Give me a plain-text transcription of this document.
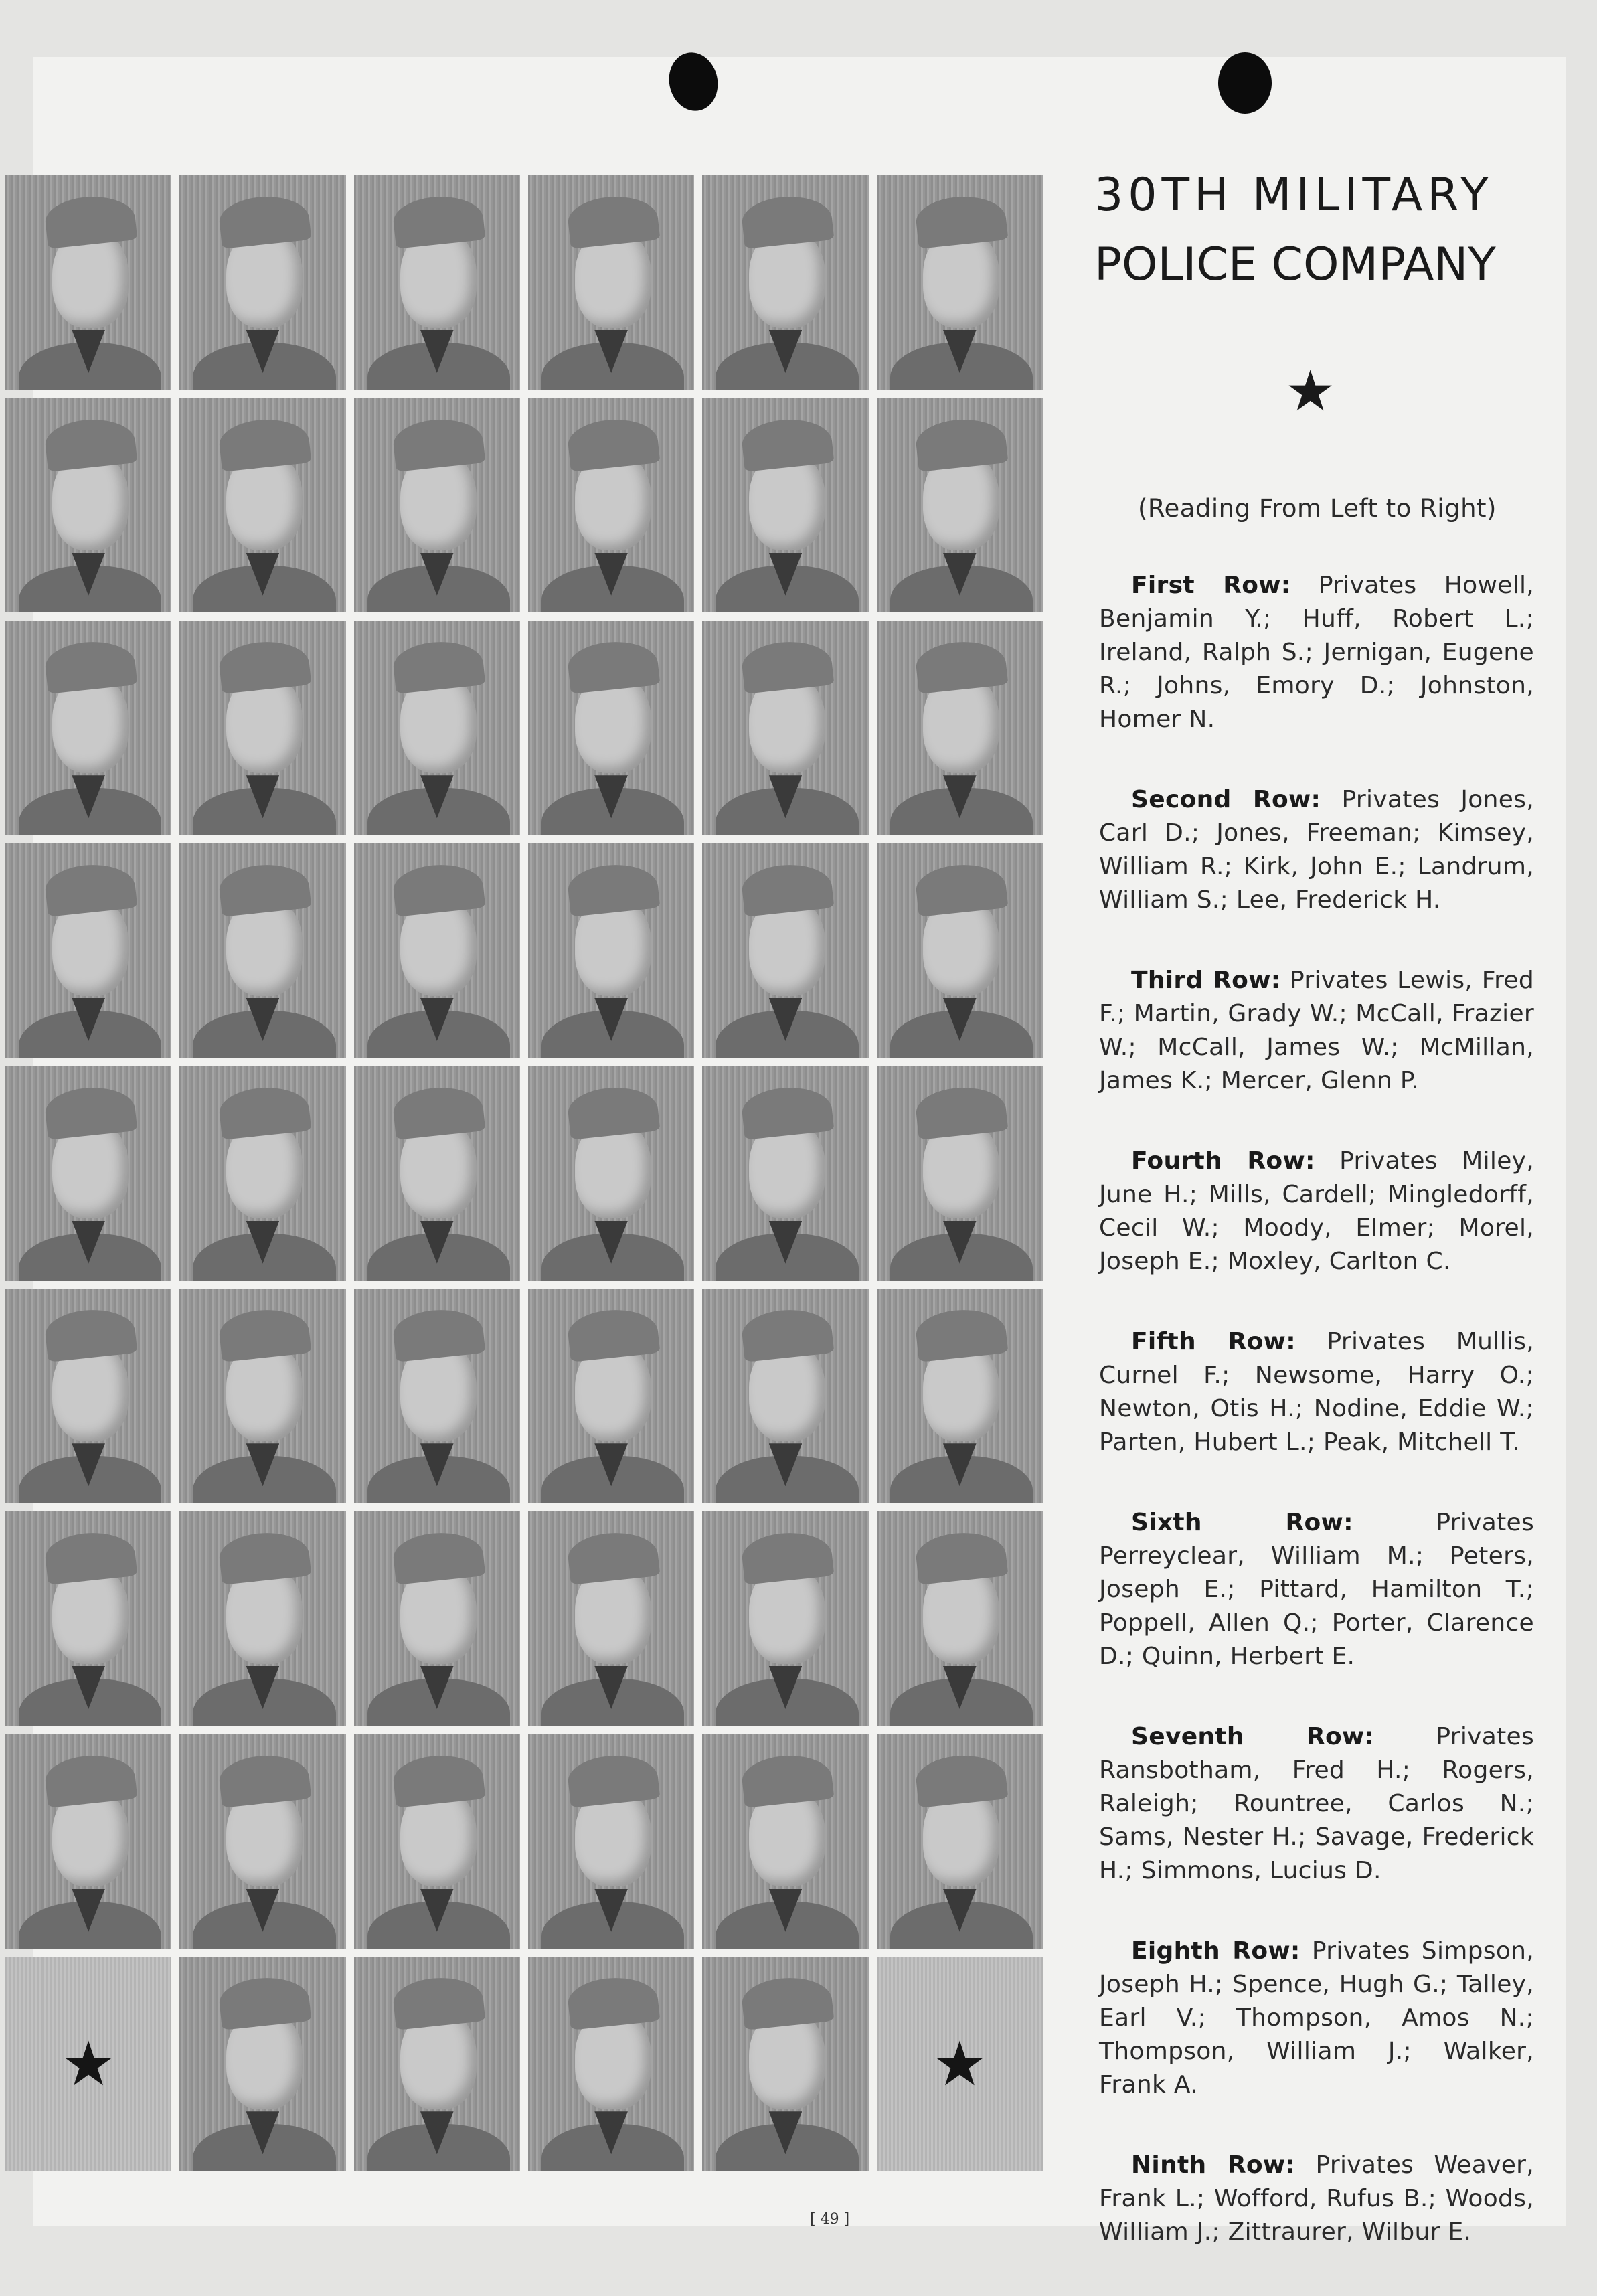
★	★
30TH MILITARY
POLICE COMPANY
★
(Reading From Left to Right)

First Row: Privates Howell, Benjamin Y.; Huff, Robert L.; Ireland, Ralph S.; Jernigan, Eugene R.; Johns, Emory D.; Johnston, Homer N.

Second Row: Privates Jones, Carl D.; Jones, Freeman; Kimsey, William R.; Kirk, John E.; Landrum, William S.; Lee, Frederick H.

Third Row: Privates Lewis, Fred F.; Martin, Grady W.; McCall, Frazier W.; McCall, James W.; McMillan, James K.; Mercer, Glenn P.

Fourth Row: Privates Miley, June H.; Mills, Cardell; Mingledorff, Cecil W.; Moody, Elmer; Morel, Joseph E.; Moxley, Carlton C.

Fifth Row: Privates Mullis, Curnel F.; Newsome, Harry O.; Newton, Otis H.; Nodine, Eddie W.; Parten, Hubert L.; Peak, Mitchell T.

Sixth Row:	Privates Perreyclear, William M.; Peters, Joseph E.; Pittard, Hamilton T.; Poppell, Allen Q.; Porter, Clarence D.; Quinn, Herbert E.

Seventh Row:	Privates Ransbotham, Fred H.; Rogers, Raleigh; Rountree, Carlos N.; Sams, Nester H.; Savage, Frederick H.; Simmons, Lucius D.

Eighth Row: Privates Simpson, Joseph H.; Spence, Hugh G.; Talley, Earl V.; Thompson, Amos N.; Thompson, William J.; Walker, Frank A.

Ninth Row: Privates Weaver, Frank L.; Wofford, Rufus B.; Woods, William J.; Zittraurer, Wilbur E.

[ 49 ]
